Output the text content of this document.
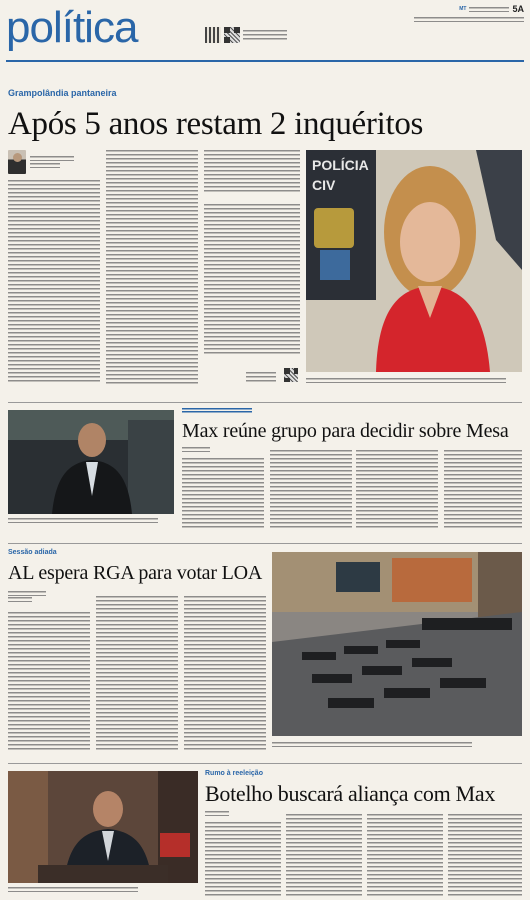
política	MT	5A
Grampolândia pantaneira
Após 5 anos restam 2 inquéritos

POLÍCIA
CIV
Max reúne grupo para decidir sobre Mesa
Sessão adiada
AL espera RGA para votar LOA
Rumo à reeleição
Botelho buscará aliança com Max
